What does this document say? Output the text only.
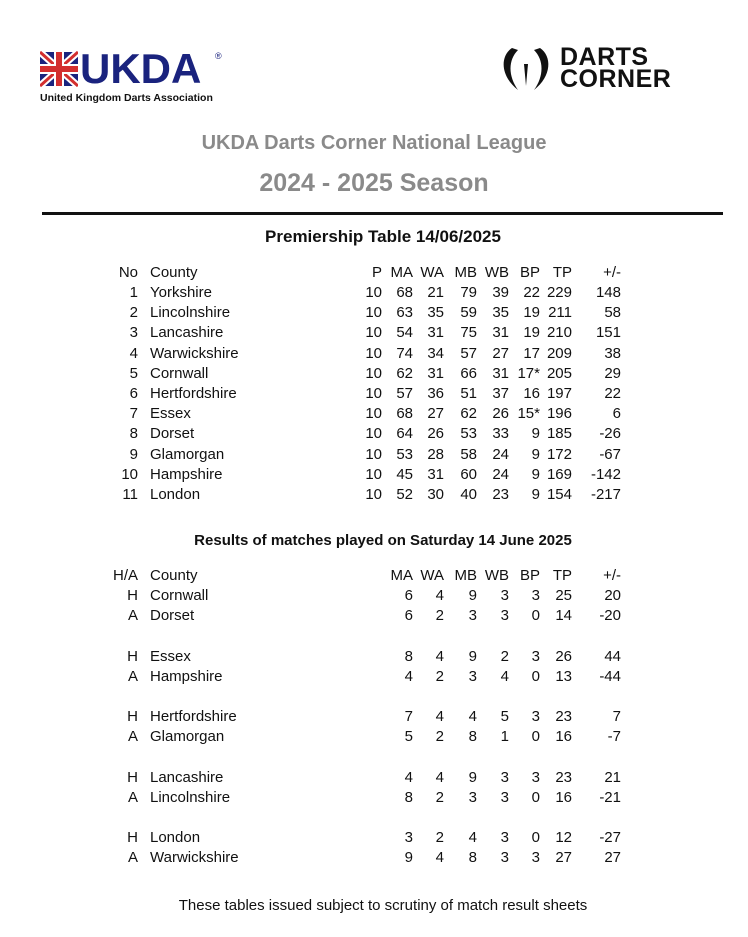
UKDA ®
United Kingdom Darts Association
DARTS
CORNER
UKDA Darts Corner National League
2024 - 2025 Season
Premiership Table 14/06/2025
No County	P MA WA MB WB BP TP +/-
1 Yorkshire	10 68 21 79 39 22 229 148
2 Lincolnshire	10 63 35 59 35 19 211 58
3 Lancashire	10 54 31 75 31 19 210 151
4 Warwickshire	10 74 34 57 27 17 209 38
5 Cornwall	10 62 31 66 31 17* 205 29
6 Hertfordshire	10 57 36 51 37 16 197 22
7 Essex	10 68 27 62 26 15* 196	6
8 Dorset	10 64 26 53 33 9 185 -26
9 Glamorgan	10 53 28 58 24 9 172 -67
10 Hampshire	10 45 31 60 24 9 169 -142
11 London	10 52 30 40 23 9 154 -217
Results of matches played on Saturday 14 June 2025
H/A County	MA WA MB WB BP TP +/-
H Cornwall	6 4 9 3 3 25 20
A Dorset	6 2 3 3 0 14 -20
H Essex	8 4 9 2 3 26 44
A Hampshire	4 2 3 4 0 13 -44
H Hertfordshire	7 4 4 5 3 23	7
A Glamorgan	5 2 8 1 0 16 -7
H Lancashire	4 4 9 3 3 23 21
A Lincolnshire	8 2 3 3 0 16 -21
H London	3 2 4 3 0 12 -27
A Warwickshire	9 4 8 3 3 27 27
These tables issued subject to scrutiny of match result sheets
